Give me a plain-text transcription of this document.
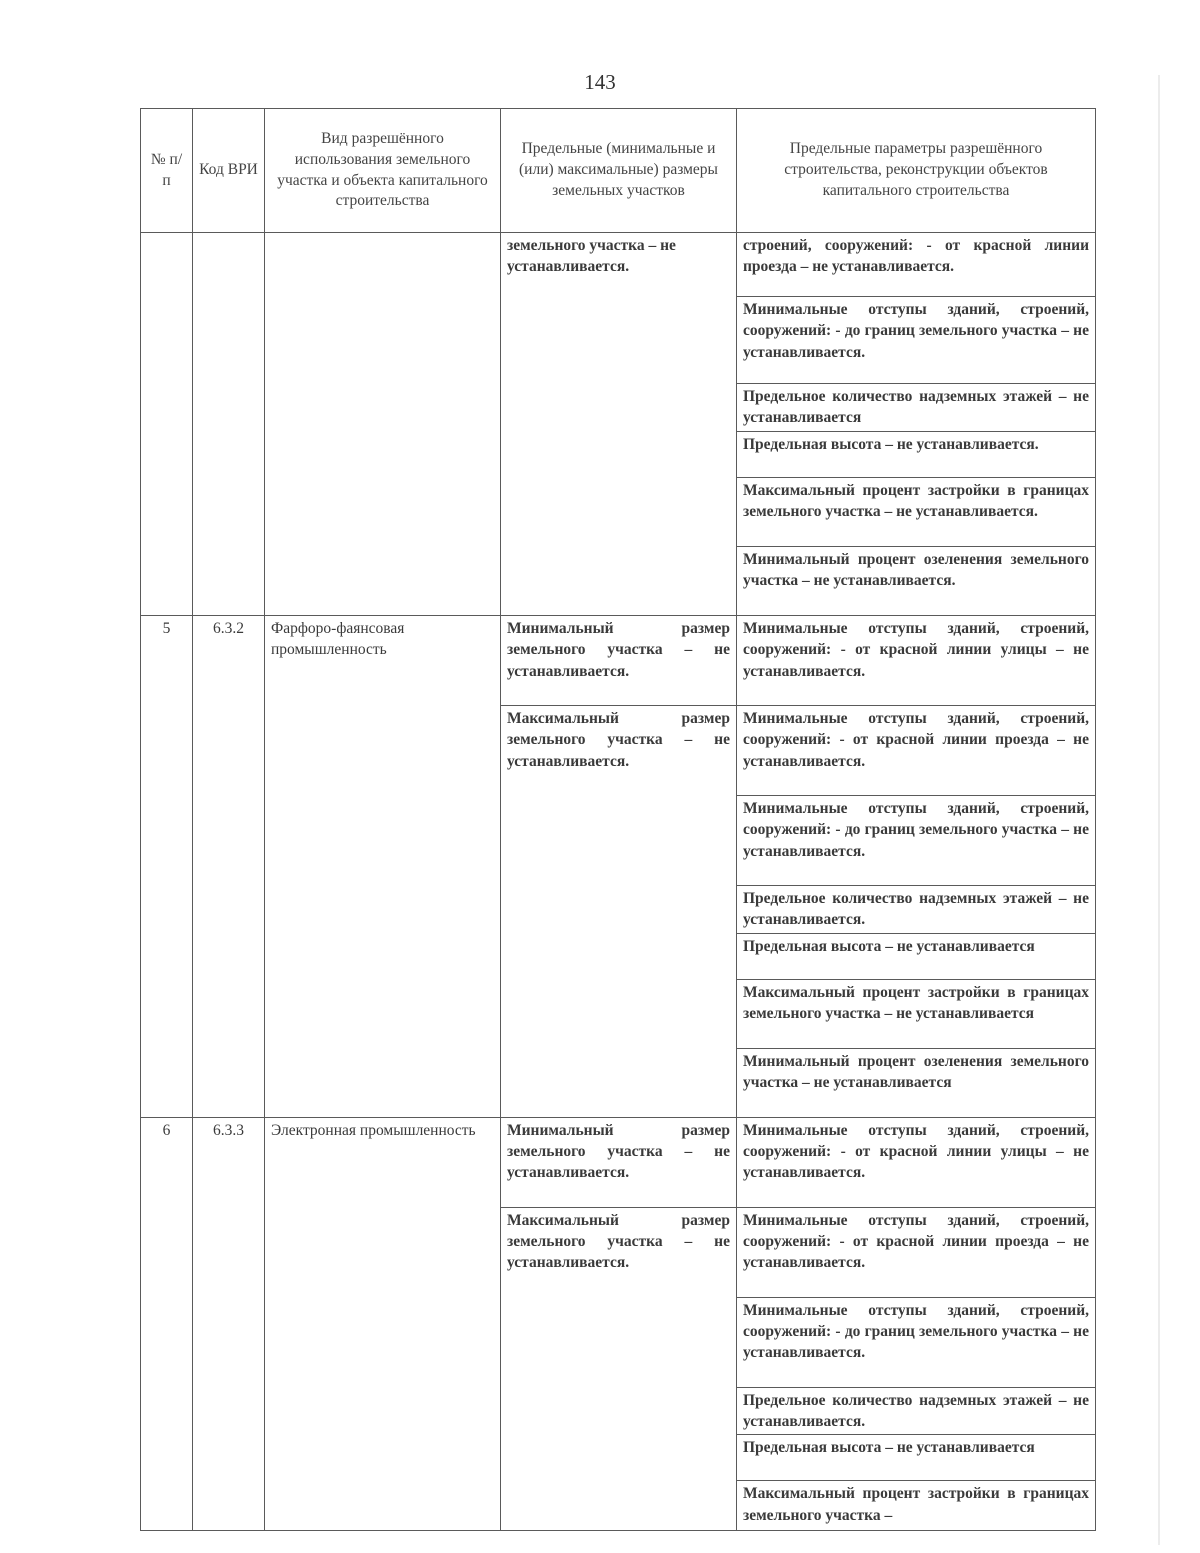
143
№ п/п	Код ВРИ	Вид разрешённого использования земельного участка и объекта капитального строительства	Предельные (минимальные и (или) максимальные) размеры земельных участков	Предельные параметры разрешённого строительства, реконструкции объектов капитального строительства
			земельного участка – не устанавливается.	строений, сооружений: - от красной линии проезда – не устанавливается.
				Минимальные отступы зданий, строений, сооружений: - до границ земельного участка – не устанавливается.
				Предельное количество надземных этажей – не устанавливается
				Предельная высота – не устанавливается.
				Максимальный процент застройки в границах земельного участка – не устанавливается.
				Минимальный процент озеленения земельного участка – не устанавливается.
5	6.3.2	Фарфоро-фаянсовая промышленность	Минимальный размер земельного участка – не устанавливается.	Минимальные отступы зданий, строений, сооружений: - от красной линии улицы – не устанавливается.
			Максимальный размер земельного участка – не устанавливается.	Минимальные отступы зданий, строений, сооружений: - от красной линии проезда – не устанавливается.
				Минимальные отступы зданий, строений, сооружений: - до границ земельного участка – не устанавливается.
				Предельное количество надземных этажей – не устанавливается.
				Предельная высота – не устанавливается
				Максимальный процент застройки в границах земельного участка – не устанавливается
				Минимальный процент озеленения земельного участка – не устанавливается
6	6.3.3	Электронная промышленность	Минимальный размер земельного участка – не устанавливается.	Минимальные отступы зданий, строений, сооружений: - от красной линии улицы – не устанавливается.
			Максимальный размер земельного участка – не устанавливается.	Минимальные отступы зданий, строений, сооружений: - от красной линии проезда – не устанавливается.
				Минимальные отступы зданий, строений, сооружений: - до границ земельного участка – не устанавливается.
				Предельное количество надземных этажей – не устанавливается.
				Предельная высота – не устанавливается
				Максимальный процент застройки в границах земельного участка –
